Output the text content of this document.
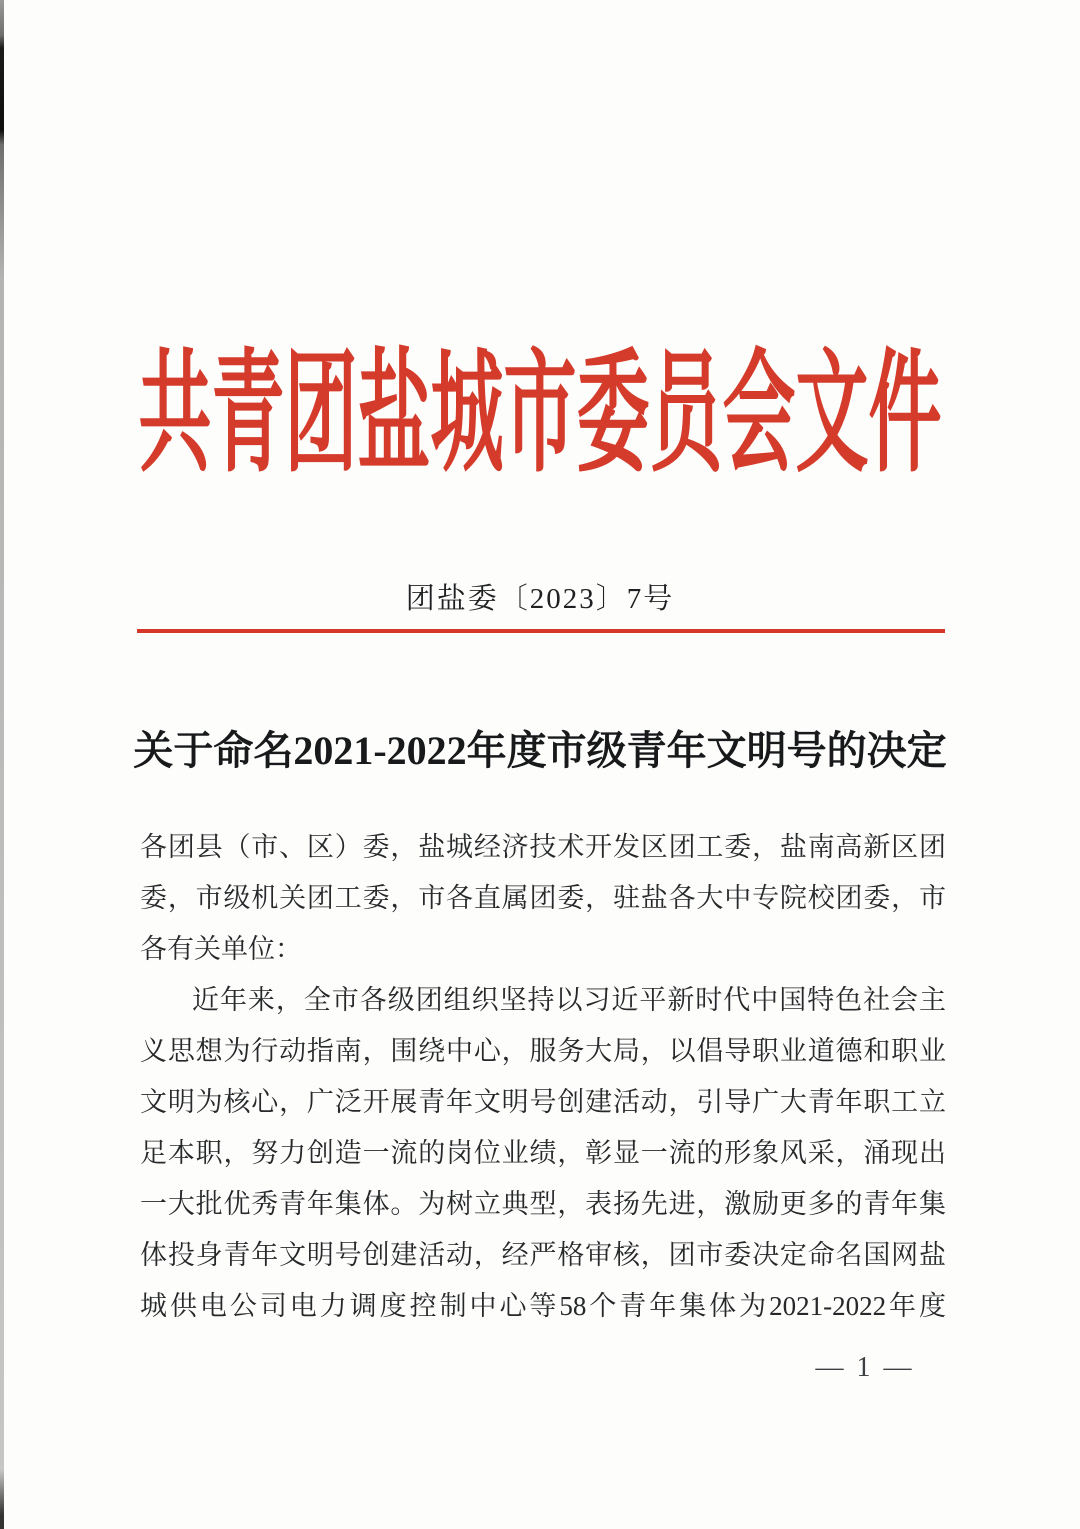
共青团盐城市委员会文件
团盐委〔2023〕7号
关于命名2021-2022年度市级青年文明号的决定
各团县（市、区）委，盐城经济技术开发区团工委，盐南高新区团
委，市级机关团工委，市各直属团委，驻盐各大中专院校团委，市
各有关单位：
近年来，全市各级团组织坚持以习近平新时代中国特色社会主
义思想为行动指南，围绕中心，服务大局，以倡导职业道德和职业
文明为核心，广泛开展青年文明号创建活动，引导广大青年职工立
足本职，努力创造一流的岗位业绩，彰显一流的形象风采，涌现出
一大批优秀青年集体。为树立典型，表扬先进，激励更多的青年集
体投身青年文明号创建活动，经严格审核，团市委决定命名国网盐
城供电公司电力调度控制中心等58个青年集体为2021-2022年度
— 1 —
